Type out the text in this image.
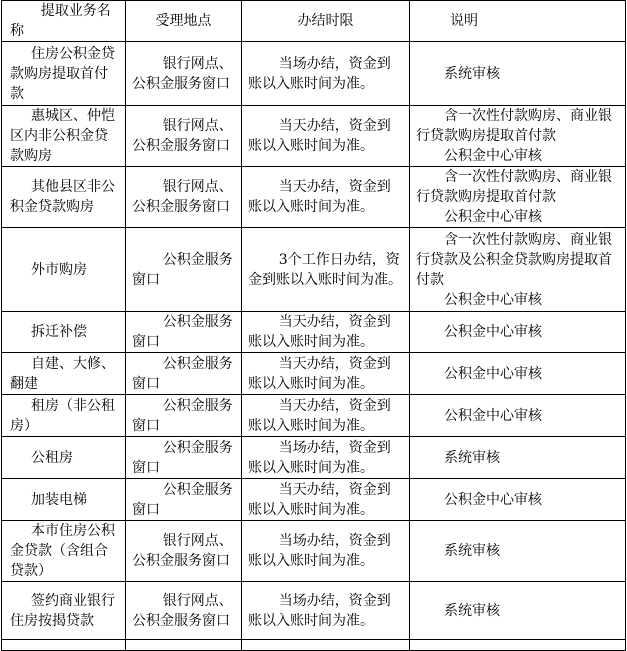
提取业务名称	受理地点	办结时限	说明
住房公积金贷款购房提取首付款	银行网点、公积金服务窗口	当场办结，资金到账以入账时间为准。	系统审核

惠城区、仲恺区内非公积金贷款购房	银行网点、公积金服务窗口	当天办结，资金到账以入账时间为准。	含一次性付款购房、商业银行贷款购房提取首付款
公积金中心审核

其他县区非公积金贷款购房	银行网点、公积金服务窗口	当天办结，资金到账以入账时间为准。	含一次性付款购房、商业银行贷款购房提取首付款
公积金中心审核

外市购房	公积金服务窗口	3个工作日办结，资金到账以入账时间为准。	含一次性付款购房、商业银行贷款及公积金贷款购房提取首付款
公积金中心审核

拆迁补偿	公积金服务窗口	当天办结，资金到账以入账时间为准。	公积金中心审核

自建、大修、翻建	公积金服务窗口	当天办结，资金到账以入账时间为准。	公积金中心审核

租房（非公租房）	公积金服务窗口	当天办结，资金到账以入账时间为准。	公积金中心审核

公租房	公积金服务窗口	当场办结，资金到账以入账时间为准。	系统审核

加装电梯	公积金服务窗口	当天办结，资金到账以入账时间为准。	公积金中心审核

本市住房公积金贷款（含组合贷款）	银行网点、公积金服务窗口	当场办结，资金到账以入账时间为准。	系统审核

签约商业银行住房按揭贷款	银行网点、公积金服务窗口	当场办结，资金到账以入账时间为准。	系统审核
